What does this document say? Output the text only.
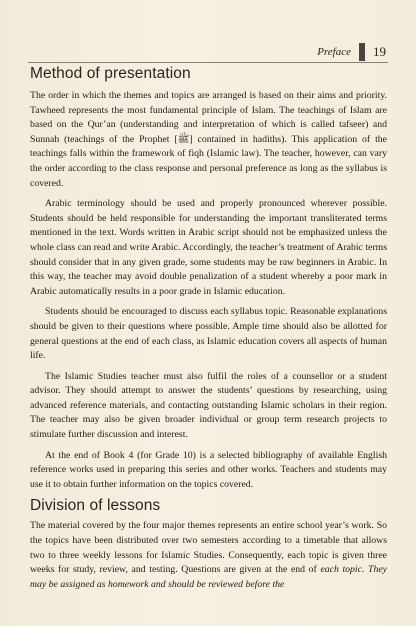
Preface 19
Method of presentation

The order in which the themes and topics are arranged is based on their aims and priority. Tawheed represents the most fundamental principle of Islam. The teachings of Islam are based on the Qur’an (understanding and interpretation of which is called tafseer) and Sunnah (teachings of the Prophet [ﷺ] contained in hadiths). This application of the teachings falls within the framework of fiqh (Islamic law). The teacher, however, can vary the order according to the class response and personal preference as long as the syllabus is covered.

Arabic terminology should be used and properly pronounced wherever possible. Students should be held responsible for understanding the important transliterated terms mentioned in the text. Words written in Arabic script should not be emphasized unless the whole class can read and write Arabic. Accordingly, the teacher’s treatment of Arabic terms should consider that in any given grade, some students may be raw beginners in Arabic. In this way, the teacher may avoid double penalization of a student whereby a poor mark in Arabic automatically results in a poor grade in Islamic education.

Students should be encouraged to discuss each syllabus topic. Reasonable explanations should be given to their questions where possible. Ample time should also be allotted for general questions at the end of each class, as Islamic education covers all aspects of human life.

The Islamic Studies teacher must also fulfil the roles of a counsellor or a student advisor. They should attempt to answer the students’ questions by researching, using advanced reference materials, and contacting outstanding Islamic scholars in their region. The teacher may also be given broader individual or group term research projects to stimulate further discussion and interest.

At the end of Book 4 (for Grade 10) is a selected bibliography of available English reference works used in preparing this series and other works. Teachers and students may use it to obtain further information on the topics covered.

Division of lessons

The material covered by the four major themes represents an entire school year’s work. So the topics have been distributed over two semesters according to a timetable that allows two to three weekly lessons for Islamic Studies. Consequently, each topic is given three weeks for study, review, and testing. Questions are given at the end of each topic. They may be assigned as homework and should be reviewed before the
